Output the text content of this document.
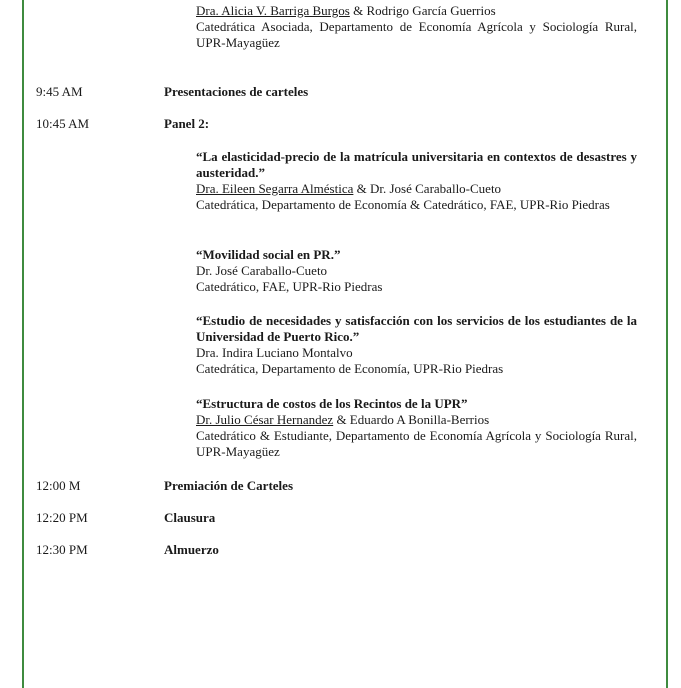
Dra. Alicia V. Barriga Burgos & Rodrigo García Guerrios
Catedrática Asociada, Departamento de Economía Agrícola y Sociología Rural, UPR-Mayagüez
9:45 AM	Presentaciones de carteles
10:45 AM	Panel 2:
“La elasticidad-precio de la matrícula universitaria en contextos de desastres y austeridad.”
Dra. Eileen Segarra Alméstica & Dr. José Caraballo-Cueto
Catedrática, Departamento de Economía & Catedrático, FAE, UPR-Rio Piedras
“Movilidad social en PR.”
Dr. José Caraballo-Cueto
Catedrático, FAE, UPR-Rio Piedras
“Estudio de necesidades y satisfacción con los servicios de los estudiantes de la Universidad de Puerto Rico.”
Dra. Indira Luciano Montalvo
Catedrática, Departamento de Economía, UPR-Rio Piedras
“Estructura de costos de los Recintos de la UPR”
Dr. Julio César Hernandez & Eduardo A Bonilla-Berrios
Catedrático & Estudiante, Departamento de Economía Agrícola y Sociología Rural, UPR-Mayagüez
12:00 M	Premiación de Carteles
12:20 PM	Clausura
12:30 PM	Almuerzo
